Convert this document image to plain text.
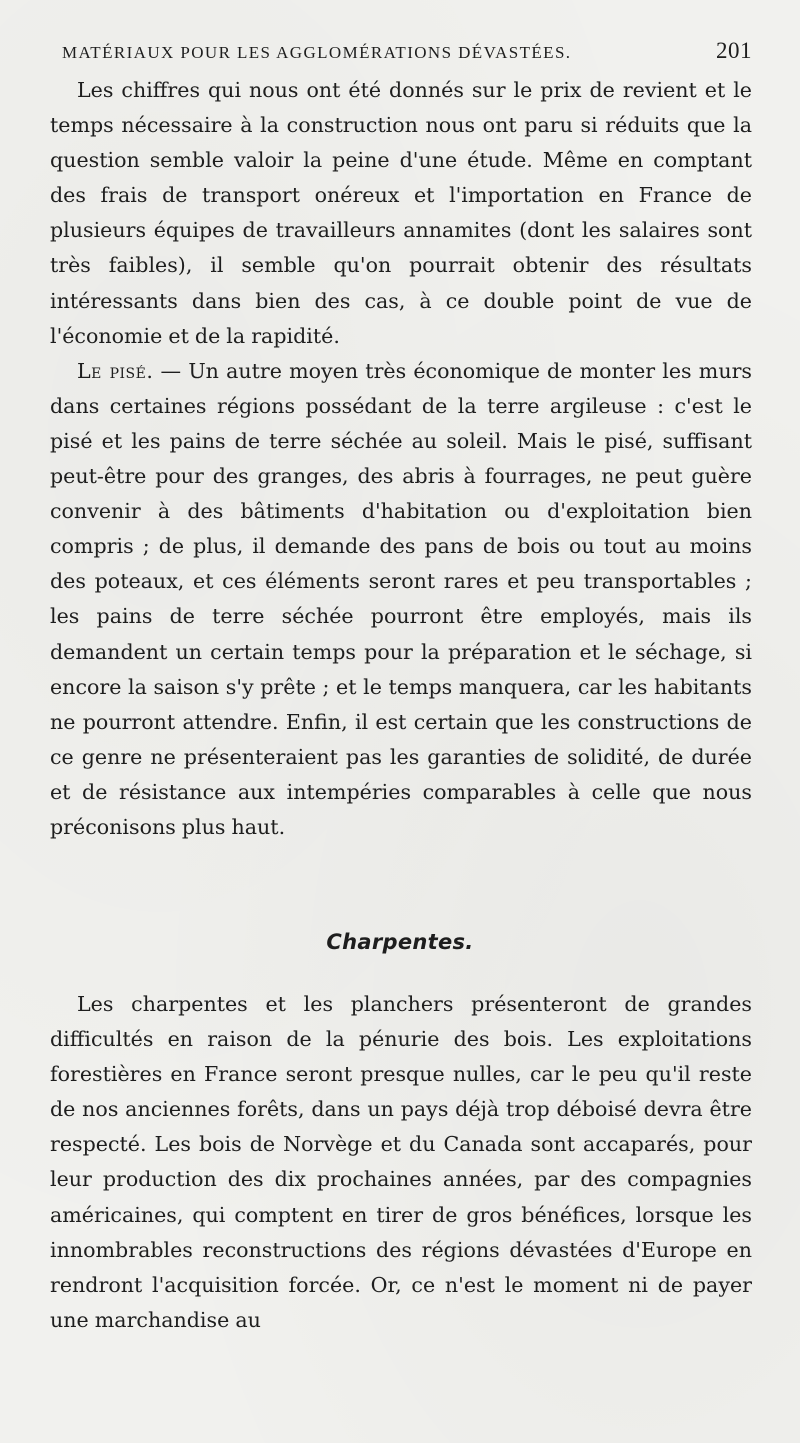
MATÉRIAUX POUR LES AGGLOMÉRATIONS DÉVASTÉES.	201

Les chiffres qui nous ont été donnés sur le prix de revient et le temps nécessaire à la construction nous ont paru si réduits que la question semble valoir la peine d'une étude. Même en comptant des frais de transport onéreux et l'importation en France de plusieurs équipes de travailleurs annamites (dont les salaires sont très faibles), il semble qu'on pourrait obtenir des résultats intéressants dans bien des cas, à ce double point de vue de l'économie et de la rapidité.

Le pisé. — Un autre moyen très économique de monter les murs dans certaines régions possédant de la terre argileuse : c'est le pisé et les pains de terre séchée au soleil. Mais le pisé, suffisant peut-être pour des granges, des abris à fourrages, ne peut guère convenir à des bâtiments d'habitation ou d'exploitation bien compris ; de plus, il demande des pans de bois ou tout au moins des poteaux, et ces éléments seront rares et peu transportables ; les pains de terre séchée pourront être employés, mais ils demandent un certain temps pour la préparation et le séchage, si encore la saison s'y prête ; et le temps manquera, car les habitants ne pourront attendre. Enfin, il est certain que les constructions de ce genre ne présenteraient pas les garanties de solidité, de durée et de résistance aux intempéries comparables à celle que nous préconisons plus haut.

Charpentes.

Les charpentes et les planchers présenteront de grandes difficultés en raison de la pénurie des bois. Les exploitations forestières en France seront presque nulles, car le peu qu'il reste de nos anciennes forêts, dans un pays déjà trop déboisé devra être respecté. Les bois de Norvège et du Canada sont accaparés, pour leur production des dix prochaines années, par des compagnies américaines, qui comptent en tirer de gros bénéfices, lorsque les innombrables reconstructions des régions dévastées d'Europe en rendront l'acquisition forcée. Or, ce n'est le moment ni de payer une marchandise au
